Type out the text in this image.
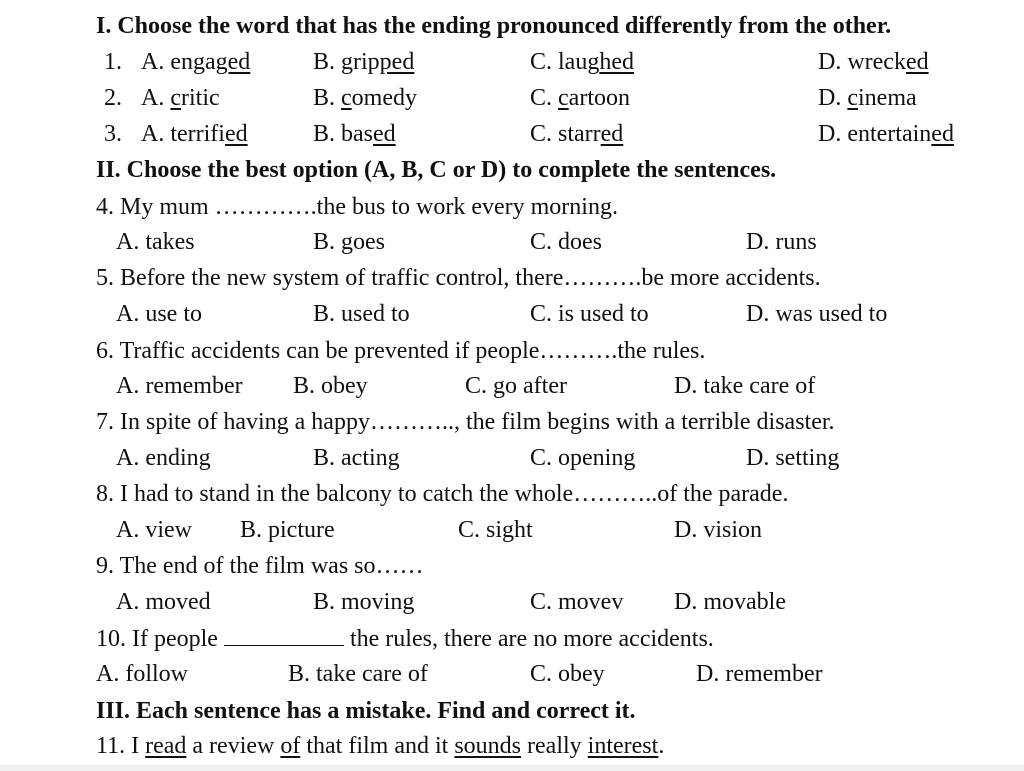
I. Choose the word that has the ending pronounced differently from the other.
1. A. engaged	B. gripped	C. laughed	D. wrecked
2. A. critic	B. comedy	C. cartoon	D. cinema
3. A. terrified	B. based	C. starred	D. entertained
II. Choose the best option (A, B, C or D) to complete the sentences.
4. My mum ………….the bus to work every morning.
A. takes	B. goes	C. does	D. runs
5. Before the new system of traffic control, there……….be more accidents.
A. use to	B. used to	C. is used to	D. was used to
6. Traffic accidents can be prevented if people……….the rules.
A. remember B. obey	C. go after	D. take care of
7. In spite of having a happy……….., the film begins with a terrible disaster.
A. ending	B. acting	C. opening	D. setting
8. I had to stand in the balcony to catch the whole………..of the parade.
A. view B. picture	C. sight	D. vision
9. The end of the film was so……
A. moved	B. moving	C. movev D. movable
10. If people	the rules, there are no more accidents.
A. follow	B. take care of	C. obey	D. remember
III. Each sentence has a mistake. Find and correct it.
11. I read a review of that film and it sounds really interest.
